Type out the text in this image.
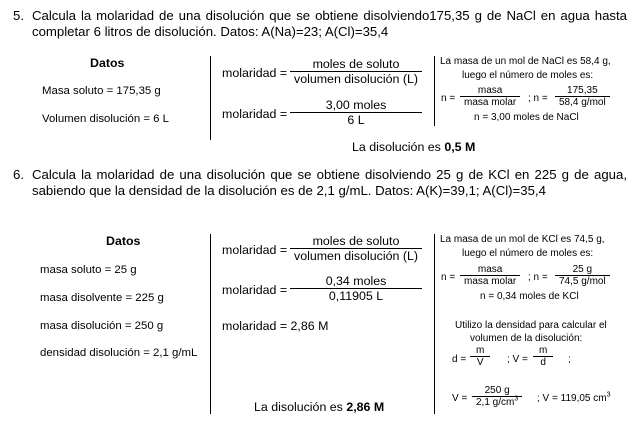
5. Calcula la molaridad de una disolución que se obtiene disolviendo175,35 g de NaCl en agua hasta completar 6 litros de disolución. Datos: A(Na)=23; A(Cl)=35,4
Datos
Masa soluto = 175,35 g
Volumen disolución = 6 L
molaridad =
moles de soluto
volumen disolución (L)
molaridad =
3,00 moles
6 L
La masa de un mol de NaCl es 58,4 g,
luego el número de moles es:
n =
masa
masa molar	; n =
175,35
58,4 g/mol
n = 3,00 moles de NaCl
La disolución es 0,5 M
6. Calcula la molaridad de una disolución que se obtiene disolviendo 25 g de KCl en 225 g de agua, sabiendo que la densidad de la disolución es de 2,1 g/mL. Datos: A(K)=39,1; A(Cl)=35,4
Datos
masa soluto = 25 g
masa disolvente = 225 g
masa disolución = 250 g
densidad disolución = 2,1 g/mL
molaridad =
moles de soluto
volumen disolución (L)
molaridad =
0,34 moles
0,11905 L
molaridad = 2,86 M
La masa de un mol de KCl es 74,5 g,
luego el número de moles es:
n =
masa
masa molar	; n =
25 g
74,5 g/mol
n = 0,34 moles de KCl
Utilizo la densidad para calcular el
volumen de la disolución:
d =
m
V	; V =
m
d	;
V =
250 g
2,1 $g/cm^3$	; V = 119,05 $cm^3$
La disolución es 2,86 M
